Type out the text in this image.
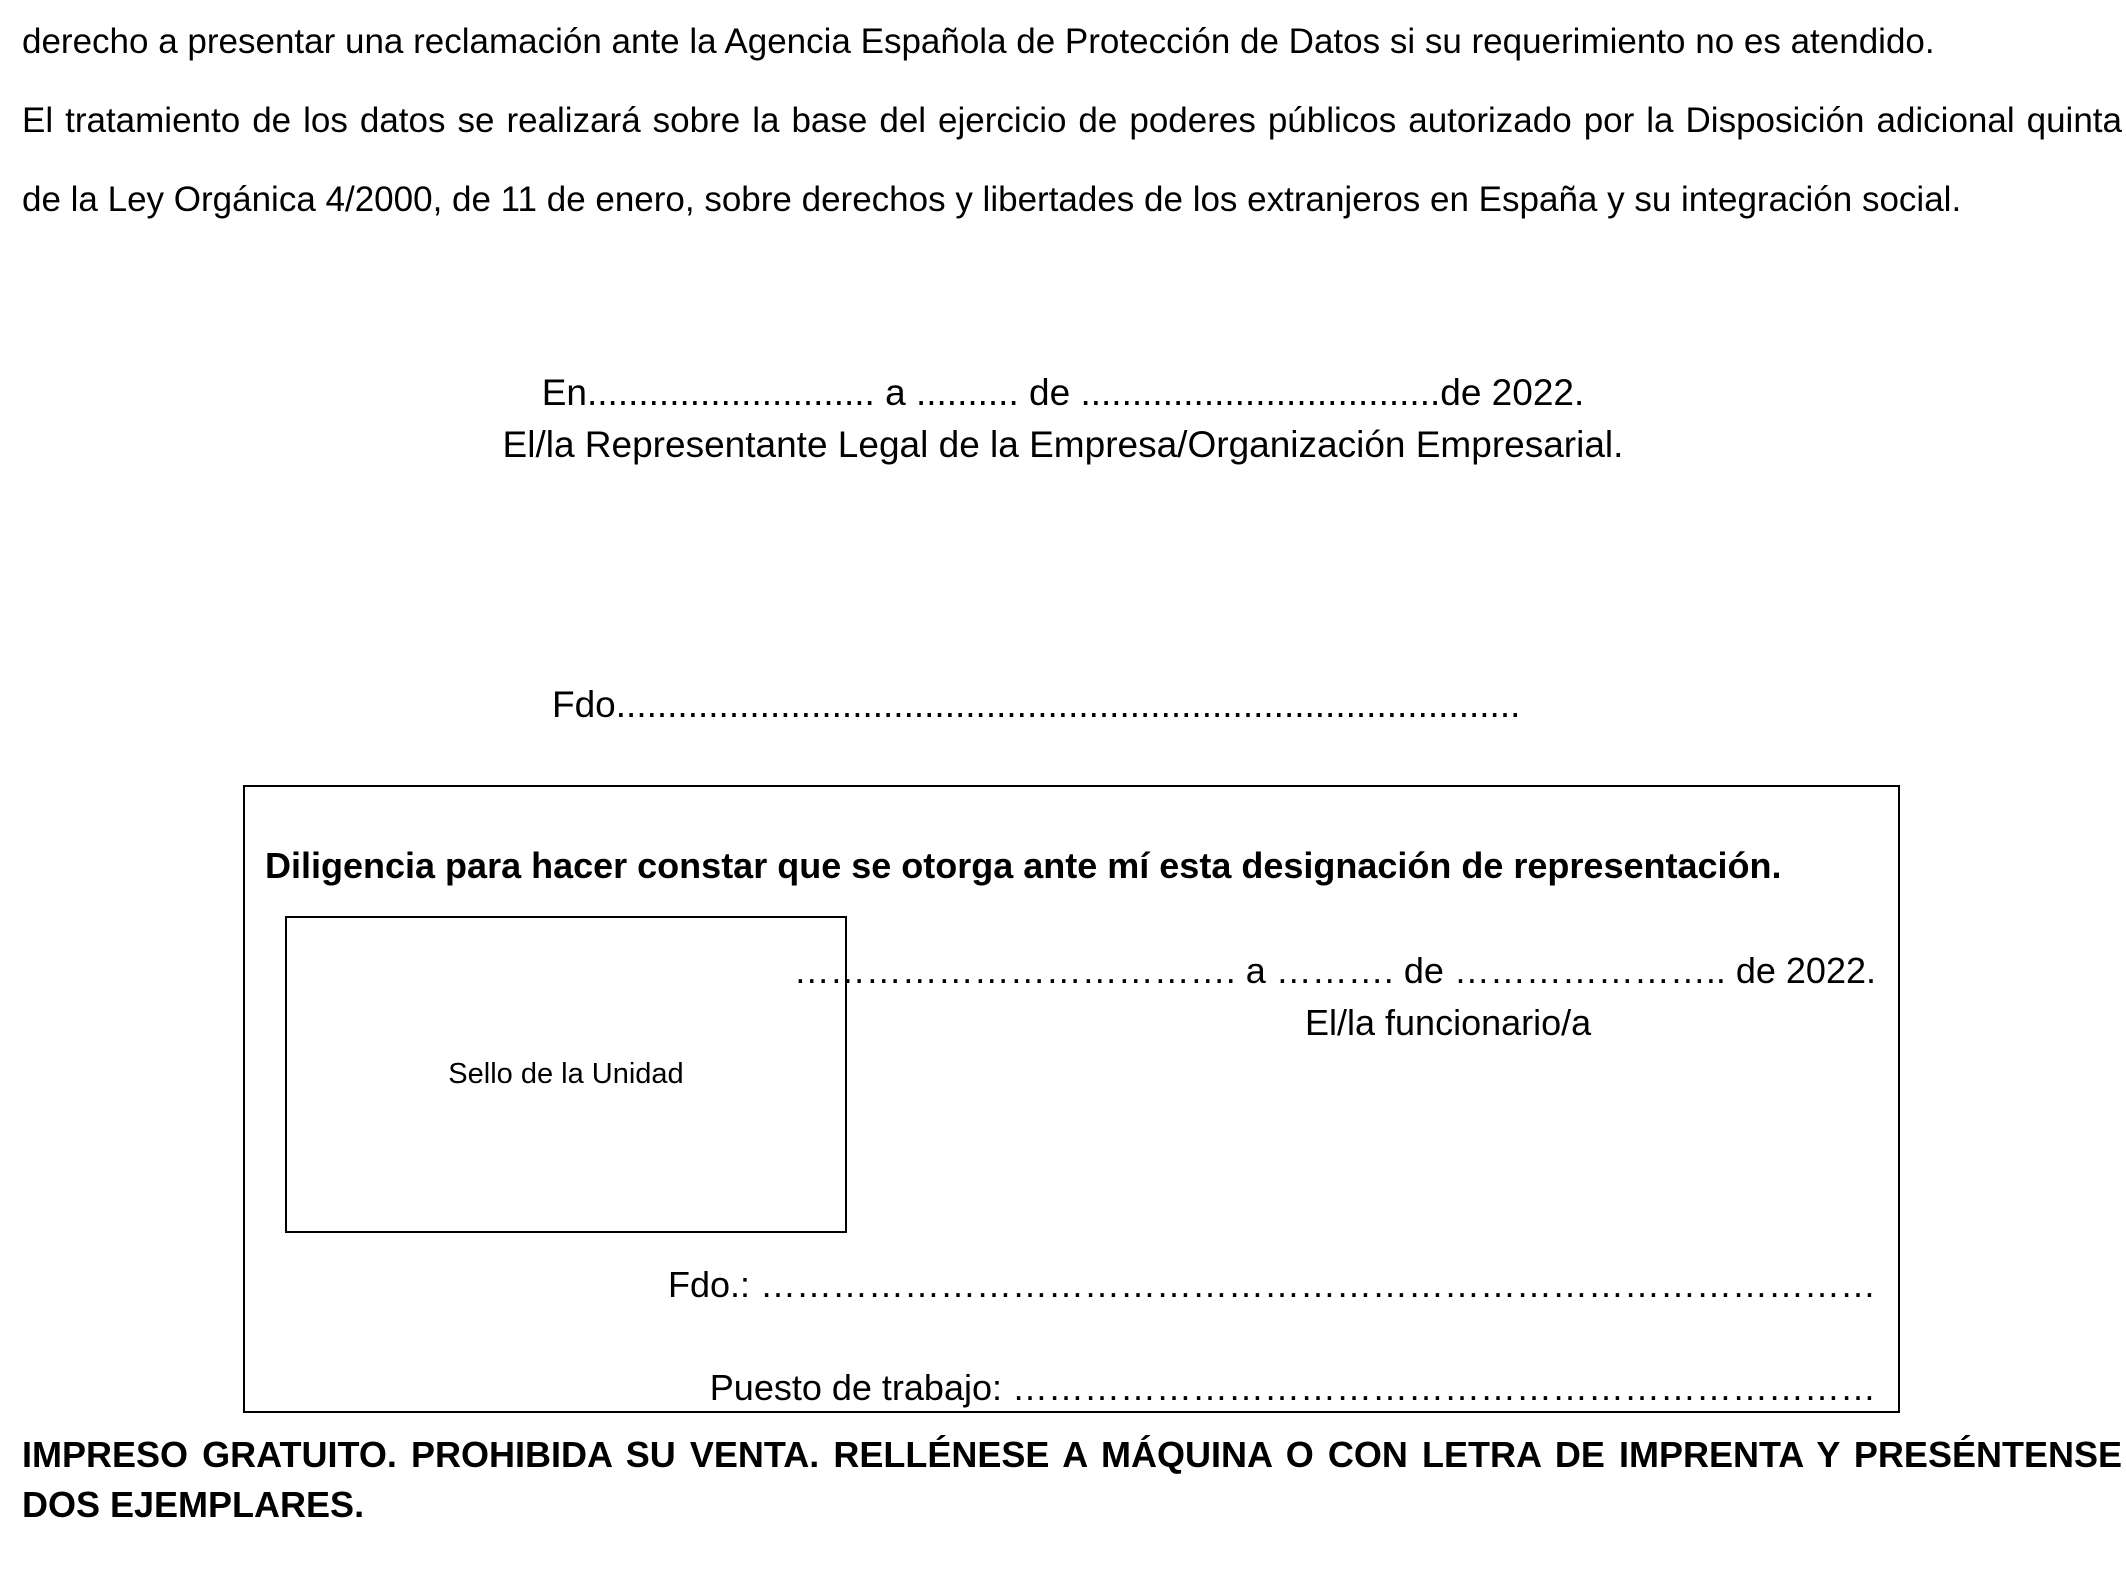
derecho a presentar una reclamación ante la Agencia Española de Protección de Datos si su requerimiento no es atendido.

El tratamiento de los datos se realizará sobre la base del ejercicio de poderes públicos autorizado por la Disposición adicional quinta de la Ley Orgánica 4/2000, de 11 de enero, sobre derechos y libertades de los extranjeros en España y su integración social.

En............................ a .......... de ...................................de 2022.
El/la Representante Legal de la Empresa/Organización Empresarial.
Fdo........................................................................................
Diligencia para hacer constar que se otorga ante mí esta designación de representación.
Sello de la Unidad
………………………………. a ………. de ………………….. de 2022.
El/la funcionario/a
Fdo.: …………………………………………………………………………………
Puesto de trabajo: ………………………………………………………………
IMPRESO GRATUITO. PROHIBIDA SU VENTA. RELLÉNESE A MÁQUINA O CON LETRA DE IMPRENTA Y PRESÉNTENSE DOS EJEMPLARES.
